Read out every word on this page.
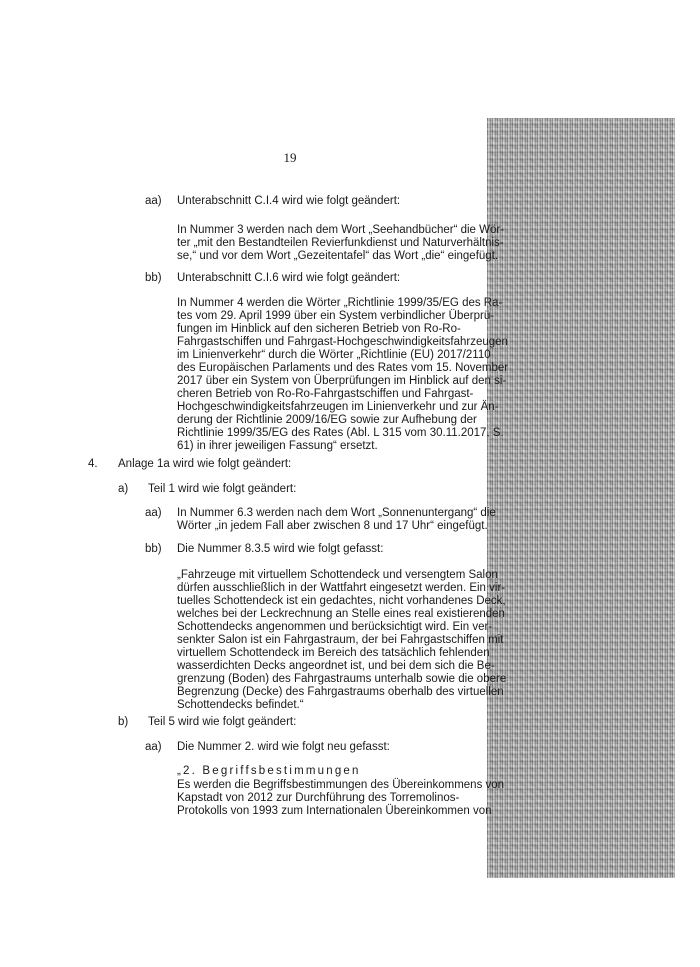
19
aa) Unterabschnitt C.I.4 wird wie folgt geändert:
In Nummer 3 werden nach dem Wort „Seehandbücher“ die Wör-
ter „mit den Bestandteilen Revierfunkdienst und Naturverhältnis-
se,“ und vor dem Wort „Gezeitentafel“ das Wort „die“ eingefügt.
bb) Unterabschnitt C.I.6 wird wie folgt geändert:
In Nummer 4 werden die Wörter „Richtlinie 1999/35/EG des Ra-
tes vom 29. April 1999 über ein System verbindlicher Überprü-
fungen im Hinblick auf den sicheren Betrieb von Ro-Ro-
Fahrgastschiffen und Fahrgast-Hochgeschwindigkeitsfahrzeugen
im Linienverkehr“ durch die Wörter „Richtlinie (EU) 2017/2110
des Europäischen Parlaments und des Rates vom 15. November
2017 über ein System von Überprüfungen im Hinblick auf den si-
cheren Betrieb von Ro-Ro-Fahrgastschiffen und Fahrgast-
Hochgeschwindigkeitsfahrzeugen im Linienverkehr und zur Än-
derung der Richtlinie 2009/16/EG sowie zur Aufhebung der
Richtlinie 1999/35/EG des Rates (Abl. L 315 vom 30.11.2017, S.
61) in ihrer jeweiligen Fassung“ ersetzt.
4. Anlage 1a wird wie folgt geändert:
a) Teil 1 wird wie folgt geändert:
aa) In Nummer 6.3 werden nach dem Wort „Sonnenuntergang“ die
Wörter „in jedem Fall aber zwischen 8 und 17 Uhr“ eingefügt.
bb) Die Nummer 8.3.5 wird wie folgt gefasst:
„Fahrzeuge mit virtuellem Schottendeck und versengtem Salon
dürfen ausschließlich in der Wattfahrt eingesetzt werden. Ein vir-
tuelles Schottendeck ist ein gedachtes, nicht vorhandenes Deck,
welches bei der Leckrechnung an Stelle eines real existierenden
Schottendecks angenommen und berücksichtigt wird. Ein ver-
senkter Salon ist ein Fahrgastraum, der bei Fahrgastschiffen mit
virtuellem Schottendeck im Bereich des tatsächlich fehlenden
wasserdichten Decks angeordnet ist, und bei dem sich die Be-
grenzung (Boden) des Fahrgastraums unterhalb sowie die obere
Begrenzung (Decke) des Fahrgastraums oberhalb des virtuellen
Schottendecks befindet.“
b) Teil 5 wird wie folgt geändert:
aa) Die Nummer 2. wird wie folgt neu gefasst:
„2. Begriffsbestimmungen
Es werden die Begriffsbestimmungen des Übereinkommens von
Kapstadt von 2012 zur Durchführung des Torremolinos-
Protokolls von 1993 zum Internationalen Übereinkommen von
